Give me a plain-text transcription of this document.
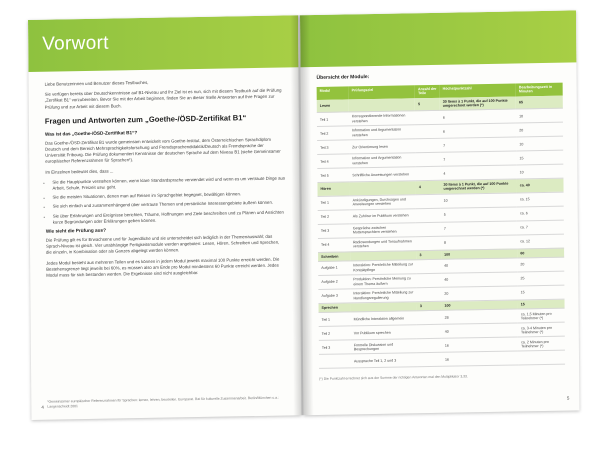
Vorwort

Liebe Benutzerinnen und Benutzer dieses Testbuches,

Sie verfügen bereits über Deutschkenntnisse auf B1-Niveau und Ihr Ziel ist es nun, sich mit diesem Testbuch auf die Prüfung „Zertifikat B1“ vorzubereiten. Bevor Sie mit der Arbeit beginnen, finden Sie an dieser Stelle Antworten auf Ihre Fragen zur Prüfung und zur Arbeit mit diesem Buch.

Fragen und Antworten zum „Goethe-/ÖSD-Zertifikat B1“
Was ist das „Goethe-/ÖSD-Zertifikat B1“?

Das Goethe-/ÖSD-Zertifikat B1 wurde gemeinsam entwickelt vom Goethe-Institut, dem Österreichischen Sprachdiplom Deutsch und dem Bereich Mehrsprachigkeitsforschung und Fremdsprachendidaktik/Deutsch als Fremdsprache der Universität Fribourg. Die Prüfung dokumentiert Kenntnisse der deutschen Sprache auf dem Niveau B1 (siehe Gemeinsamer europäischer Referenzrahmen für Sprachen¹).

Im Einzelnen bedeutet dies, dass ...

• Sie die Hauptpunkte verstehen können, wenn klare Standardsprache verwendet wird und wenn es um vertraute Dinge aus Arbeit, Schule, Freizeit usw. geht.
• Sie die meisten Situationen, denen man auf Reisen im Sprachgebiet begegnet, bewältigen können.
• Sie sich einfach und zusammenhängend über vertraute Themen und persönliche Interessengebiete äußern können.
• Sie über Erfahrungen und Ereignisse berichten, Träume, Hoffnungen und Ziele beschreiben und zu Plänen und Ansichten kurze Begründungen oder Erklärungen geben können.
Wie sieht die Prüfung aus?

Die Prüfung gilt es für Erwachsene und für Jugendliche und sie unterscheidet sich lediglich in der Themenauswahl; das Sprach-Niveau ist gleich. Vier unabhängige Fertigkeitsmodule werden angeboten: Lesen, Hören, Schreiben und Sprechen, die einzeln, in Kombination oder als Ganzes abgelegt werden können.

Jedes Modul besteht aus mehreren Teilen und es können in jedem Modul jeweils maximal 100 Punkte erreicht werden. Die Bestehensgrenze liegt jeweils bei 60%, es müssen also am Ende pro Modul mindestens 60 Punkte erreicht werden. Jedes Modul muss für sich bestanden werden. Die Ergebnisse sind nicht ausgleichbar.

¹Gemeinsamer europäischer Referenzrahmen für Sprachen: lernen, lehren, beurteilen. Europarat. Rat für kulturelle Zusammenarbeit. Berlin/München u.a.: Langenscheidt 2001
4
Übersicht der Module:
Modul	Prüfungsziel	Anzahl der Teile	Höchstpunktzahl	Bearbeitungszeit in Minuten
Lesen		5	30 Items à 1 Punkt, die auf 100 Punkte umgerechnet werden (*)	65
Teil 1	Korrespondierende Informationen verstehen		6	10
Teil 2	Information und Argumentation verstehen		6	20
Teil 3	Zur Orientierung lesen		7	10
Teil 4	Information und Argumentation verstehen		7	15
Teil 5	Schriftliche Anweisungen verstehen		4	10
Hören		4	30 Items à 1 Punkt, die auf 100 Punkte umgerechnet werden (*)	ca. 40
Teil 1	Ankündigungen, Durchsagen und Anweisungen verstehen		10	ca. 15
Teil 2	Als Zuhörer im Publikum verstehen		5	ca. 6
Teil 3	Gespräche zwischen Muttersprachlern verstehen		7	ca. 7
Teil 4	Radiosendungen und Tonaufnahmen verstehen		8	ca. 12
Schreiben		3	100	60
Aufgabe 1	Interaktion: Persönliche Mitteilung zur Kontaktpflege		40	20
Aufgabe 2	Produktion: Persönliche Meinung zu einem Thema äußern		40	25
Aufgabe 3	Interaktion: Persönliche Mitteilung zur Handlungsregulierung		20	15
Sprechen		3	100	15
Teil 1	Mündliche Interaktion allgemein		28	ca. 1,5 Minuten pro Teilnehmer (*)
Teil 2	Vor Publikum sprechen		40	ca. 3-4 Minuten pro Teilnehmer (*)
Teil 3	Formelle Diskussion und Besprechungen		16	ca. 2 Minuten pro Teilnehmer (*)
	Aussprache Teil 1, 2 und 3		16	
(*) Die Punktzahl errechnet sich aus der Summe der richtigen Antworten mal den Multiplikator 3,33.
5
